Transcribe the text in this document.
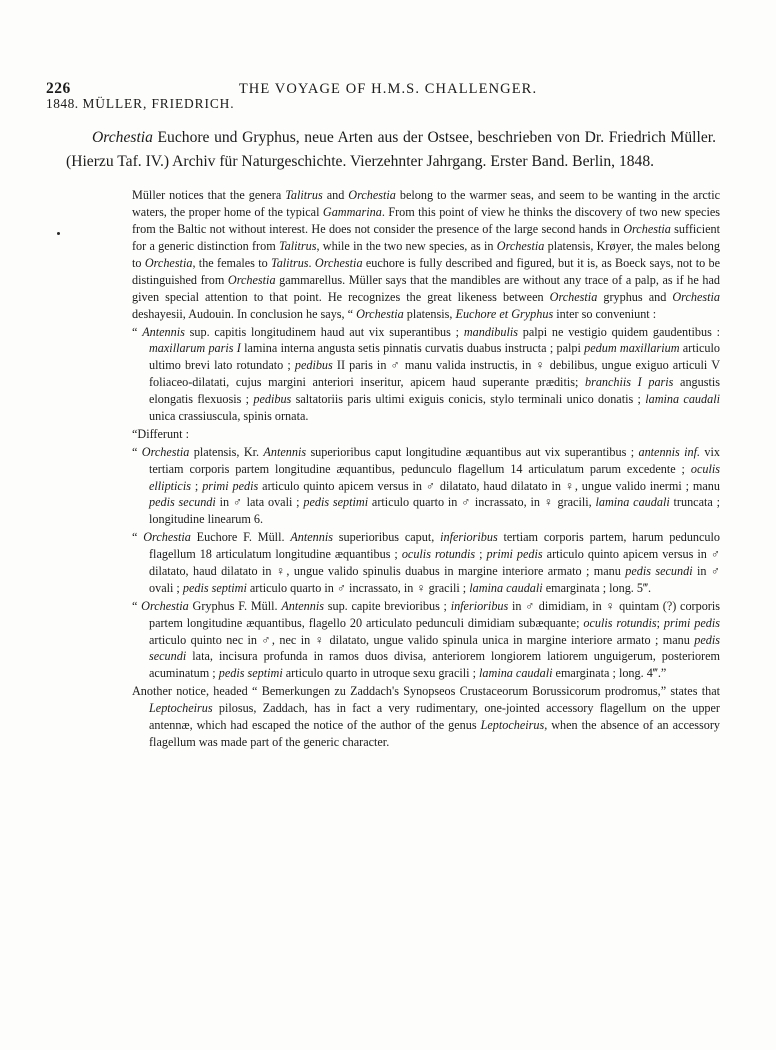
226	THE VOYAGE OF H.M.S. CHALLENGER.
1848. MÜLLER, FRIEDRICH.
Orchestia Euchore und Gryphus, neue Arten aus der Ostsee, beschrieben von Dr. Friedrich Müller. (Hierzu Taf. IV.) Archiv für Naturgeschichte. Vierzehnter Jahrgang. Erster Band. Berlin, 1848.
Müller notices that the genera Talitrus and Orchestia belong to the warmer seas, and seem to be wanting in the arctic waters, the proper home of the typical Gammarina. From this point of view he thinks the discovery of two new species from the Baltic not without interest. He does not consider the presence of the large second hands in Orchestia sufficient for a generic distinction from Talitrus, while in the two new species, as in Orchestia platensis, Krøyer, the males belong to Orchestia, the females to Talitrus. Orchestia euchore is fully described and figured, but it is, as Boeck says, not to be distinguished from Orchestia gammarellus. Müller says that the mandibles are without any trace of a palp, as if he had given special attention to that point. He recognizes the great likeness between Orchestia gryphus and Orchestia deshayesii, Audouin. In conclusion he says, “ Orchestia platensis, Euchore et Gryphus inter so conveniunt :
“ Antennis sup. capitis longitudinem haud aut vix superantibus ; mandibulis palpi ne vestigio quidem gaudentibus : maxillarum paris I lamina interna angusta setis pinnatis curvatis duabus instructa ; palpi pedum maxillarium articulo ultimo brevi lato rotundato ; pedibus II paris in ♂ manu valida instructis, in ♀ debilibus, ungue exiguo articuli V foliaceo-dilatati, cujus margini anteriori inseritur, apicem haud superante præditis; branchiis I paris angustis elongatis flexuosis ; pedibus saltatoriis paris ultimi exiguis conicis, stylo terminali unico donatis ; lamina caudali unica crassiuscula, spinis ornata.
“Differunt :
“ Orchestia platensis, Kr. Antennis superioribus caput longitudine æquantibus aut vix superantibus ; antennis inf. vix tertiam corporis partem longitudine æquantibus, pedunculo flagellum 14 articulatum parum excedente ; oculis ellipticis ; primi pedis articulo quinto apicem versus in ♂ dilatato, haud dilatato in ♀, ungue valido inermi ; manu pedis secundi in ♂ lata ovali ; pedis septimi articulo quarto in ♂ incrassato, in ♀ gracili, lamina caudali truncata ; longitudine linearum 6.
“ Orchestia Euchore F. Müll. Antennis superioribus caput, inferioribus tertiam corporis partem, harum pedunculo flagellum 18 articulatum longitudine æquantibus ; oculis rotundis ; primi pedis articulo quinto apicem versus in ♂ dilatato, haud dilatato in ♀, ungue valido spinulis duabus in margine interiore armato ; manu pedis secundi in ♂ ovali ; pedis septimi articulo quarto in ♂ incrassato, in ♀ gracili ; lamina caudali emarginata ; long. 5‴.
“ Orchestia Gryphus F. Müll. Antennis sup. capite brevioribus ; inferioribus in ♂ dimidiam, in ♀ quintam (?) corporis partem longitudine æquantibus, flagello 20 articulato pedunculi dimidiam subæquante; oculis rotundis; primi pedis articulo quinto nec in ♂, nec in ♀ dilatato, ungue valido spinula unica in margine interiore armato ; manu pedis secundi lata, incisura profunda in ramos duos divisa, anteriorem longiorem latiorem unguigerum, posteriorem acuminatum ; pedis septimi articulo quarto in utroque sexu gracili ; lamina caudali emarginata ; long. 4‴.”
Another notice, headed “ Bemerkungen zu Zaddach's Synopseos Crustaceorum Borussicorum prodromus,” states that Leptocheirus pilosus, Zaddach, has in fact a very rudimentary, one-jointed accessory flagellum on the upper antennæ, which had escaped the notice of the author of the genus Leptocheirus, when the absence of an accessory flagellum was made part of the generic character.
